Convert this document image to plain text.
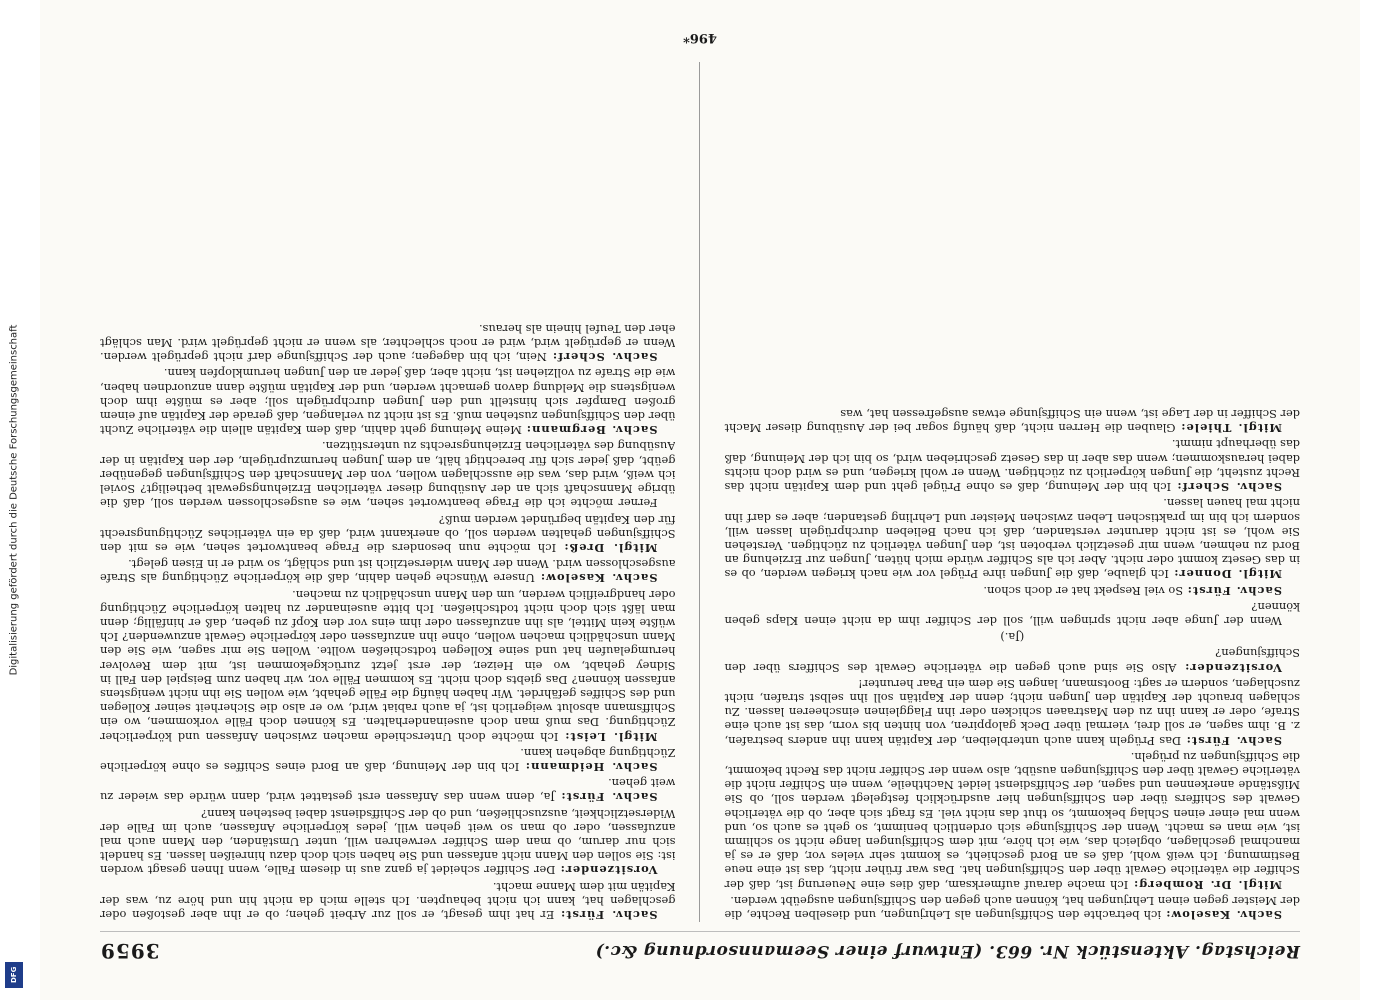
Digitalisierung gefördert durch die Deutsche Forschungsgemeinschaft
DFG
Reichstag. Aktenstück Nr. 663. (Entwurf einer Seemannsordnung &c.)
3959

Sachv. Kaselow: ich betrachte den Schiffsjungen als Lehrjungen, und dieselben Rechte, die der Meister gegen einen Lehrjungen hat, können auch gegen den Schiffsjungen ausgeübt werden.

Mitgl. Dr. Romberg: Ich mache darauf aufmerksam, daß dies eine Neuerung ist, daß der Schiffer die väterliche Gewalt über den Schiffsjungen hat. Das war früher nicht, das ist eine neue Bestimmung. Ich weiß wohl, daß es an Bord geschieht, es kommt sehr vieles vor, daß er es ja manchmal geschlagen, obgleich das, wie ich höre, mit dem Schiffsjungen lange nicht so schlimm ist, wie man es macht. Wenn der Schiffsjunge sich ordentlich benimmt, so geht es auch so, und wenn mal einer einen Schlag bekommt, so thut das nicht viel. Es fragt sich aber, ob die väterliche Gewalt des Schiffers über den Schiffsjungen hier ausdrücklich festgelegt werden soll, ob Sie Mißstände anerkennen und sagen, der Schiffsdienst leidet Nachtheile, wenn ein Schiffer nicht die väterliche Gewalt über den Schiffsjungen ausübt, also wenn der Schiffer nicht das Recht bekommt, die Schiffsjungen zu prügeln.

Sachv. Fürst: Das Prügeln kann auch unterbleiben, der Kapitän kann ihn anders bestrafen, z. B. ihm sagen, er soll drei, viermal über Deck galoppiren, von hinten bis vorn, das ist auch eine Strafe, oder er kann ihn zu den Mastraaen schicken oder ihn Flaggleinen einscheeren lassen. Zu schlagen braucht der Kapitän den Jungen nicht; denn der Kapitän soll ihn selbst strafen, nicht zuschlagen, sondern er sagt: Bootsmann, langen Sie dem ein Paar herunter!

Vorsitzender: Also Sie sind auch gegen die väterliche Gewalt des Schiffers über den Schiffsjungen?

(Ja.)

Wenn der Junge aber nicht springen will, soll der Schiffer ihm da nicht einen Klaps geben können?

Sachv. Fürst: So viel Respekt hat er doch schon.

Mitgl. Donner: Ich glaube, daß die Jungen ihre Prügel vor wie nach kriegen werden, ob es in das Gesetz kommt oder nicht. Aber ich als Schiffer würde mich hüten, Jungen zur Erziehung an Bord zu nehmen, wenn mir gesetzlich verboten ist, den Jungen väterlich zu züchtigen. Verstehen Sie wohl, es ist nicht darunter verstanden, daß ich nach Belieben durchprügeln lassen will, sondern ich bin im praktischen Leben zwischen Meister und Lehrling gestanden; aber es darf ihn nicht mal hauen lassen.

Sachv. Scherf: Ich bin der Meinung, daß es ohne Prügel geht und dem Kapitän nicht das Recht zusteht, die Jungen körperlich zu züchtigen. Wenn er wohl kriegen, und es wird doch nichts dabei herauskommen; wenn das aber in das Gesetz geschrieben wird, so bin ich der Meinung, daß das überhaupt nimmt.

Mitgl. Thiele: Glauben die Herren nicht, daß häufig sogar bei der Ausübung dieser Macht der Schiffer in der Lage ist, wenn ein Schiffsjunge etwas ausgefressen hat, was

Sachv. Fürst: Er hat ihm gesagt, er soll zur Arbeit gehen; ob er ihn aber gestoßen oder geschlagen hat, kann ich nicht behaupten. Ich stelle mich da nicht hin und höre zu, was der Kapitän mit dem Manne macht.

Vorsitzender: Der Schiffer scheidet ja ganz aus in diesem Falle, wenn Ihnen gesagt worden ist: Sie sollen den Mann nicht anfassen und Sie haben sich doch dazu hinreißen lassen. Es handelt sich nur darum, ob man dem Schiffer verwehren will, unter Umständen, den Mann auch mal anzufassen, oder ob man so weit gehen will, jedes körperliche Anfassen, auch im Falle der Widersetzlichkeit, auszuschließen, und ob der Schiffsdienst dabei bestehen kann?

Sachv. Fürst: Ja, denn wenn das Anfassen erst gestattet wird, dann würde das wieder zu weit gehen.

Sachv. Heidmann: Ich bin der Meinung, daß an Bord eines Schiffes es ohne körperliche Züchtigung abgehen kann.

Mitgl. Leist: Ich möchte doch Unterschiede machen zwischen Anfassen und körperlicher Züchtigung. Das muß man doch auseinanderhalten. Es können doch Fälle vorkommen, wo ein Schiffsmann absolut weigerlich ist, ja auch rabiat wird, wo er also die Sicherheit seiner Kollegen und des Schiffes gefährdet. Wir haben häufig die Fälle gehabt, wie wollen Sie ihn nicht wenigstens anfassen können? Das giebts doch nicht. Es kommen Fälle vor, wir haben zum Beispiel den Fall in Sidney gehabt, wo ein Heizer, der erst jetzt zurückgekommen ist, mit dem Revolver herumgelaufen hat und seine Kollegen todtschießen wollte. Wollen Sie mir sagen, wie Sie den Mann unschädlich machen wollen, ohne ihn anzufassen oder körperliche Gewalt anzuwenden? Ich wüßte kein Mittel, als ihn anzufassen oder ihm eins vor den Kopf zu geben, daß er hinfällig; denn man läßt sich doch nicht todtschießen. Ich bitte auseinander zu halten körperliche Züchtigung oder handgreiflich werden, um den Mann unschädlich zu machen.

Sachv. Kaselow: Unsere Wünsche gehen dahin, daß die körperliche Züchtigung als Strafe ausgeschlossen wird. Wenn der Mann widersetzlich ist und schlägt, so wird er in Eisen gelegt.

Mitgl. Dreß: Ich möchte nun besonders die Frage beantwortet sehen, wie es mit den Schiffsjungen gehalten werden soll, ob anerkannt wird, daß da ein väterliches Züchtigungsrecht für den Kapitän begründet werden muß?

Ferner möchte ich die Frage beantwortet sehen, wie es ausgeschlossen werden soll, daß die übrige Mannschaft sich an der Ausübung dieser väterlichen Erziehungsgewalt betheiligt? Soviel ich weiß, wird das, was die ausschlagen wollen, von der Mannschaft den Schiffsjungen gegenüber geübt, daß jeder sich für berechtigt hält, an dem Jungen herumzuprügeln, der den Kapitän in der Ausübung des väterlichen Erziehungsrechts zu unterstützen.

Sachv. Bergmann: Meine Meinung geht dahin, daß dem Kapitän allein die väterliche Zucht über den Schiffsjungen zustehen muß. Es ist nicht zu verlangen, daß gerade der Kapitän auf einem großen Dampfer sich hinstellt und den Jungen durchprügeln soll; aber es müßte ihm doch wenigstens die Meldung davon gemacht werden, und der Kapitän müßte dann anzuordnen haben, wie die Strafe zu vollziehen ist, nicht aber, daß jeder an den Jungen herumklopfen kann.

Sachv. Scherf: Nein, ich bin dagegen; auch der Schiffsjunge darf nicht geprügelt werden. Wenn er geprügelt wird, wird er noch schlechter, als wenn er nicht geprügelt wird. Man schlägt eher den Teufel hinein als heraus.

496*
